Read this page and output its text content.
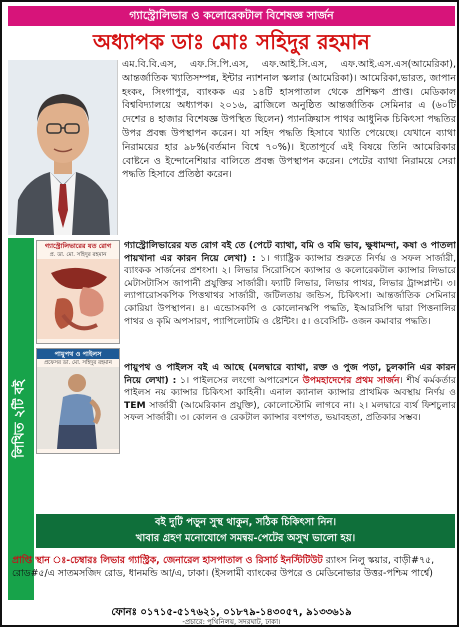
গ্যাস্ট্রোলিভার ও কলোরেকটাল বিশেষজ্ঞ সার্জন
অধ্যাপক ডাঃ মোঃ সহিদুর রহমান
এম.বি.বি.এস, এফ.সি.পি.এস, এফ.আই.সি.এস, এফ.আই.এস.এস(আমেরিকা), আন্তর্জাতিক খ্যাতিসম্পন্ন, ইন্টার ন্যাশনাল স্কলার (আমেরিকা)। আমেরিকা,ভারত, জাপান হংকং, সিংগাপুর, ব্যাংকক এর ১৪টি হাসপাতাল থেকে প্রশিক্ষণ প্রাপ্ত। মেডিকাল বিশ্ববিদ্যালয়ে অধ্যাপক। ২০১৬, ব্রাজিলে অনুষ্ঠিত আন্তর্জাতিক সেমিনার এ (৬০টি দেশের ৪ হাজার বিশেষজ্ঞ উপস্থিত ছিলেন) প্যানক্রিয়াস পাথর আধুনিক চিকিৎসা পদ্ধতির উপর প্রবন্ধ উপস্থাপন করেন। যা সহিদ পদ্ধতি হিসাবে খ্যাতি পেয়েছে। যেখানে ব্যাথা নিরাময়ের হার ৯৮%(বর্তমান বিশ্বে ৭০%)। ইতোপূর্বে এই বিষয়ে তিনি আমেরিকার বোষ্টনে ও ইন্দোনেশিয়ার বালিতে প্রবন্ধ উপস্থাপন করেন। পেটের ব্যাথা নিরাময়ে সেরা পদ্ধতি হিসাবে প্রতিষ্ঠা করেন।
লিখিত ২টি বই
গ্যাস্ট্রোলিভারের যত রোগ
প্র. ডা. মো. সহিদুর রহমান
পায়ুপথ ও পাইলস
প্রফেসর ডা. মো. সহিদুর রহমান
গ্যাস্ট্রোলিভারের যত রোগ বই তে (পেটে ব্যাথা, বমি ও বমি ভাব, ক্ষুধামন্দা, কষা ও পাতলা পায়খানা এর কারন নিয়ে লেখা) : ১। গ্যাষ্ট্রিক ক্যান্সার শুরুতে নির্ণয় ও সফল সার্জারী, ব্যাংকক সার্জনের প্রশংসা। ২। লিভার সিরোসিসে ক্যান্সার ও কলোরেকটাল ক্যান্সার লিভারে মেটাসটাসিস জাপানী প্রযুক্তির সার্জারী। ফ্যাটি লিভার, লিভার পাথর, লিভার ট্রান্সপ্লান্ট। ৩। ল্যাপারোসকপিক পিত্তথাথর সার্জারী, জটিলতায় জন্ডিস, চিকিৎসা। আন্তর্জাতিক সেমিনার কোরিয়া উপস্থাপন। ৪। এন্ডোসকপি ও কোলোনস্কপি পদ্ধতি, ইআরসিপি দ্বারা পিত্তনালির পাথর ও কৃমি অপসারণ, প্যাপিলোটমি ও ষ্টেন্টিং। ৫। ওবেসিটি- ওজন কমাবার পদ্ধতি।
পায়ুপথ ও পাইলস বই এ আছে (মলদ্বারে ব্যাথা, রক্ত ও পুজ পড়া, চুলকানি এর কারন নিয়ে লেখা) : ১। পাইলসের লংগো অপারেশনে উপমহাদেশের প্রথম সার্জন। শীর্ষ কর্মকর্তার পাইলস নয় ক্যান্সার চিকিৎসা কাহিনী। এনাল ক্যানাল ক্যান্সার প্রাথমিক অবস্থায় নির্ণয় ও TEM সার্জারী (আমেরিকান প্রযুক্তি), কোলোস্টোমি লাগবে না। ২। মলদ্বারে ব্যর্থ ফিশচুলার সফল সার্জারী। ৩। কোলন ও রেকটাল ক্যান্সার বংশগত, ভয়াবহতা, প্রতিকার সম্ভব।
বই দুটি পড়ুন সুস্থ থাকুন, সঠিক চিকিৎসা নিন।
খাবার গ্রহণ মনোযোগে সমন্বয়-পেটের অসুখ ভালো হয়।
প্রাপ্তি স্থান ঃ-চেম্বারঃ লিভার গ্যাস্ট্রিক, জেনারেল হাসপাতাল ও রিসার্চ ইনস্টিটিউট র‍্যাংস নিলু স্কয়ার, বাড়ী#৭৫, রোড#৫/এ সাতমসজিদ রোড, ধানমন্ডি আ/এ, ঢাকা। (ইসলামী ব্যাংকের উপরে ও মেডিনোভার উত্তর-পশ্চিম পার্শ্বে)
ফোনঃ ০১৭১৫-৫১৭৬২১, ০১৮৭৯-১৪৩০৫৭, ৯১৩৩৬১৯
-প্রচারে: পুথিনিলয়, সদরঘাট, ঢাকা।
